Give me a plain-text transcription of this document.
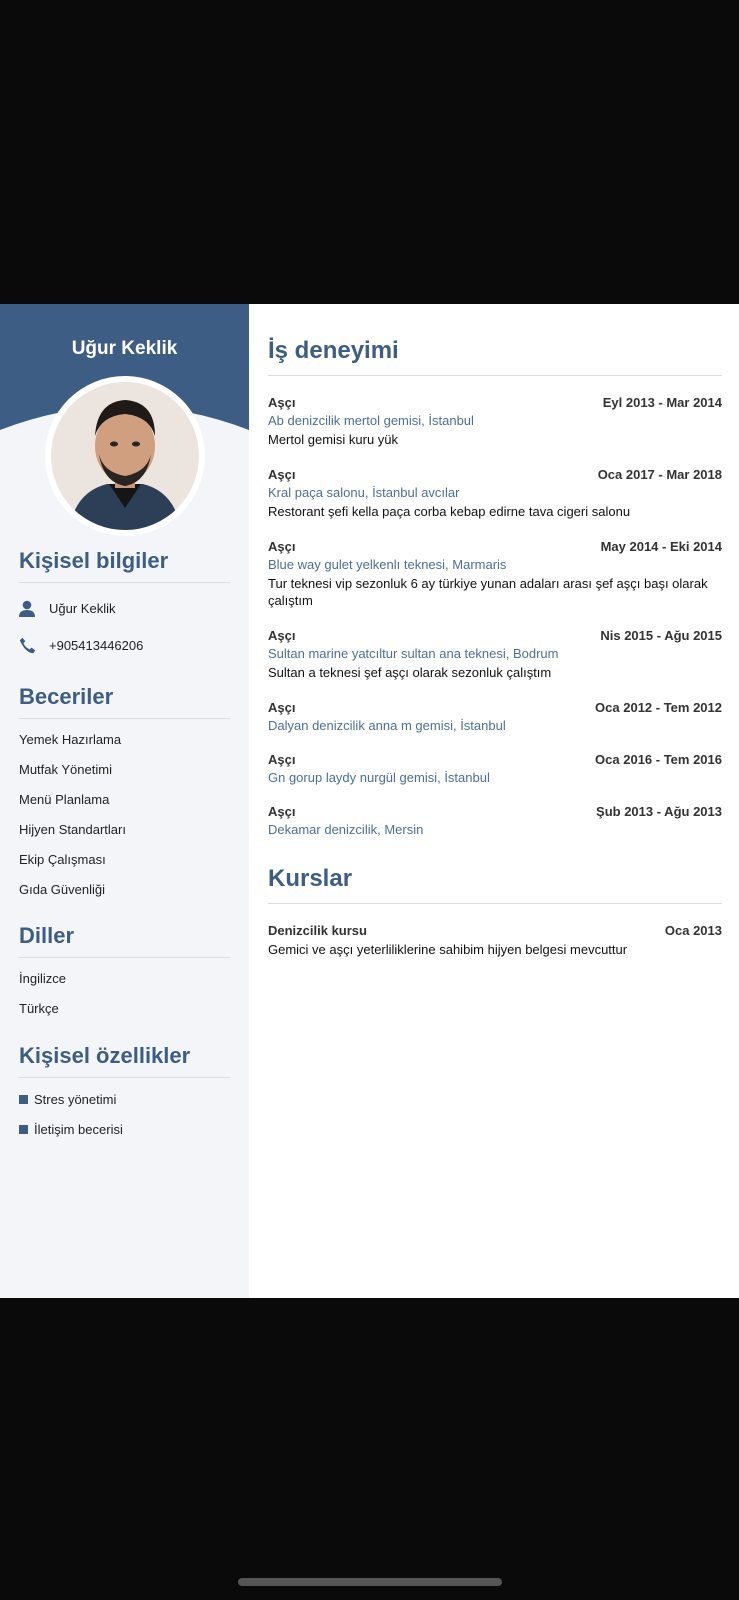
Uğur Keklik
Kişisel bilgiler
Uğur Keklik
+905413446206
Beceriler
Yemek Hazırlama
Mutfak Yönetimi
Menü Planlama
Hijyen Standartları
Ekip Çalışması
Gıda Güvenliği
Diller
İngilizce
Türkçe
Kişisel özellikler
Stres yönetimi
İletişim becerisi
İş deneyimi
Aşçı	Eyl 2013 - Mar 2014
Ab denizcilik mertol gemisi, İstanbul
Mertol gemisi kuru yük
Aşçı	Oca 2017 - Mar 2018
Kral paça salonu, İstanbul avcılar
Restorant şefi kella paça corba kebap edirne tava cigeri salonu
Aşçı	May 2014 - Eki 2014
Blue way gulet yelkenlı teknesi, Marmaris
Tur teknesi vip sezonluk 6 ay türkiye yunan adaları arası şef aşçı başı olarak çalıştım
Aşçı	Nis 2015 - Ağu 2015
Sultan marine yatcıltur sultan ana teknesi, Bodrum
Sultan a teknesi şef aşçı olarak sezonluk çalıştım
Aşçı	Oca 2012 - Tem 2012
Dalyan denizcilik anna m gemisi, İstanbul
Aşçı	Oca 2016 - Tem 2016
Gn gorup laydy nurgül gemisi, İstanbul
Aşçı	Şub 2013 - Ağu 2013
Dekamar denizcilik, Mersin
Kurslar
Denizcilik kursu	Oca 2013
Gemici ve aşçı yeterliliklerine sahibim hijyen belgesi mevcuttur
